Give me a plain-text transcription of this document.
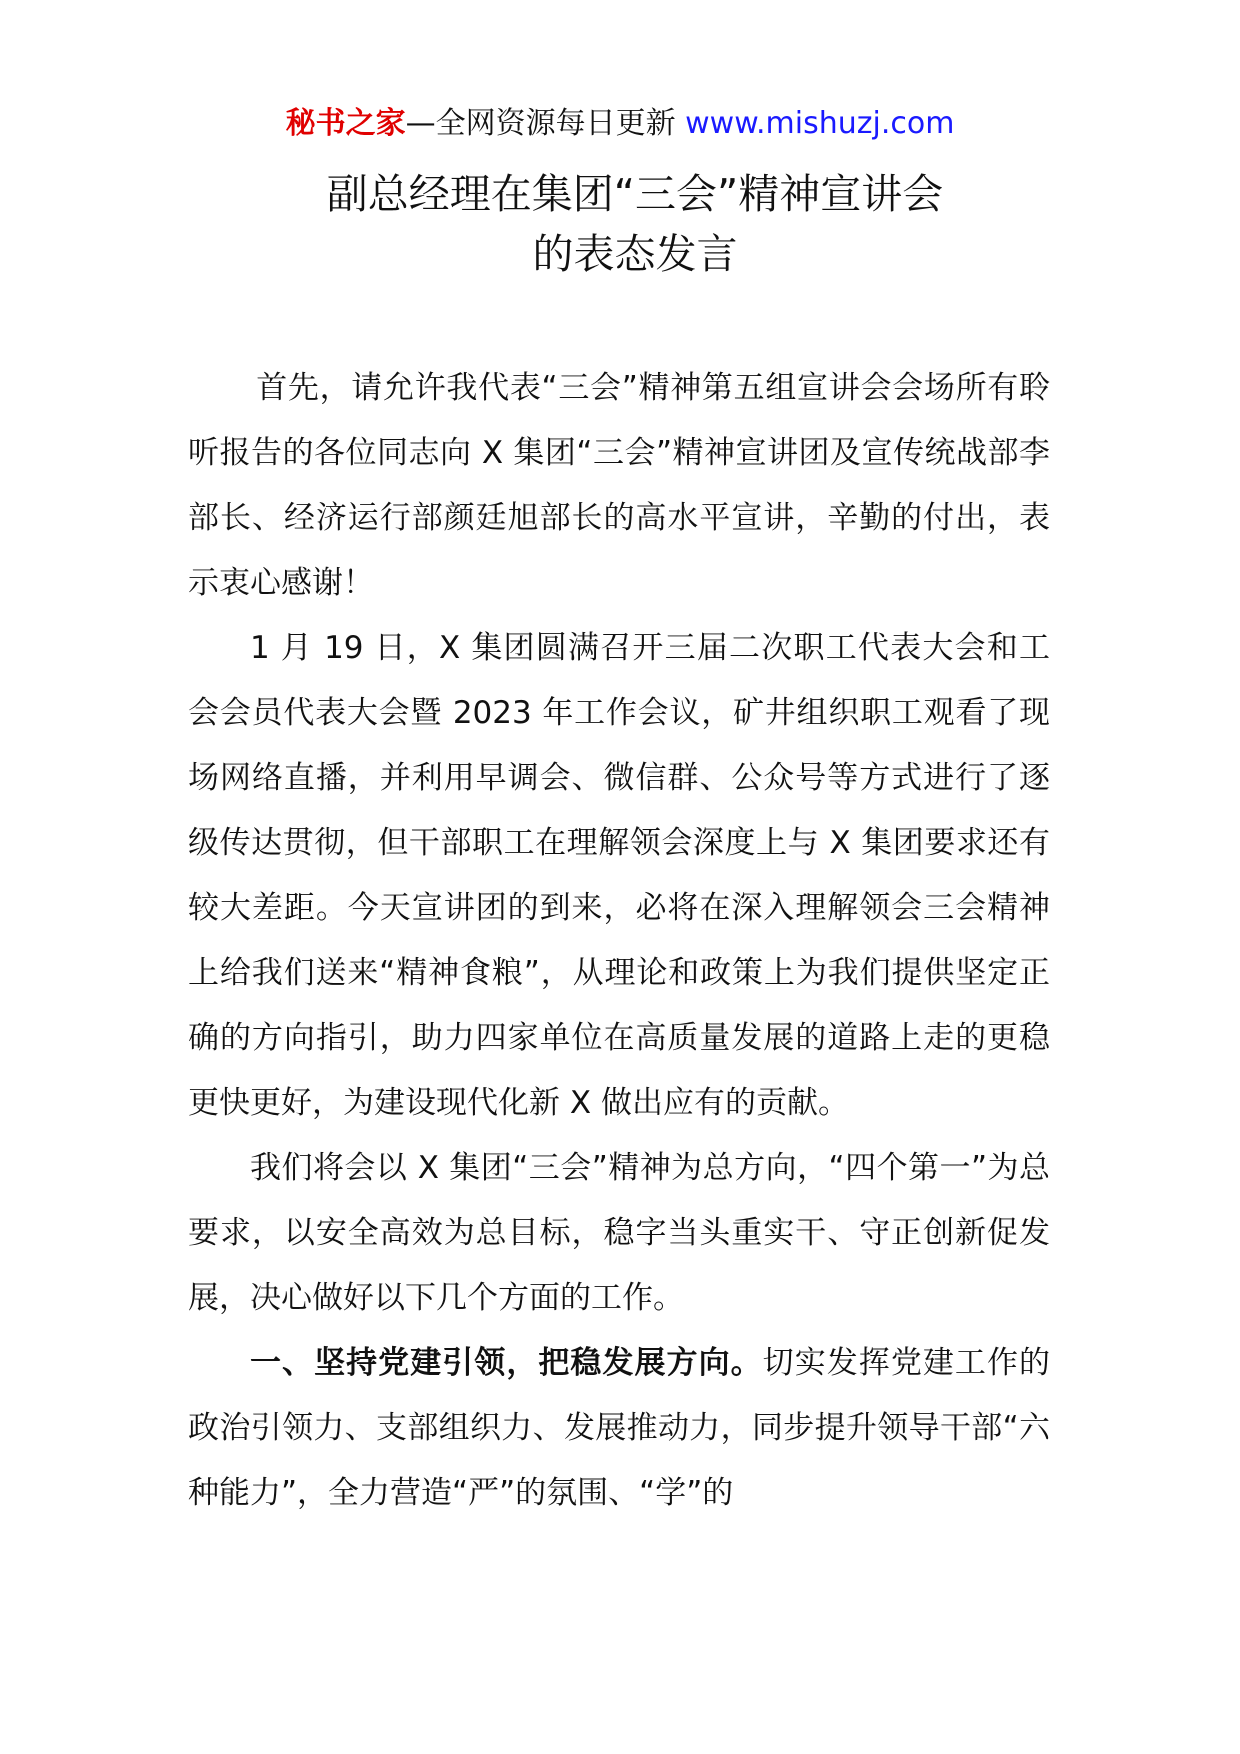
秘书之家—全网资源每日更新 www.mishuzj.com
副总经理在集团“三会”精神宣讲会
的表态发言

首先，请允许我代表“三会”精神第五组宣讲会会场所有聆听报告的各位同志向 X 集团“三会”精神宣讲团及宣传统战部李部长、经济运行部颜廷旭部长的高水平宣讲，辛勤的付出，表示衷心感谢！

1 月 19 日，X 集团圆满召开三届二次职工代表大会和工会会员代表大会暨 2023 年工作会议，矿井组织职工观看了现场网络直播，并利用早调会、微信群、公众号等方式进行了逐级传达贯彻，但干部职工在理解领会深度上与 X 集团要求还有较大差距。今天宣讲团的到来，必将在深入理解领会三会精神上给我们送来“精神食粮”，从理论和政策上为我们提供坚定正确的方向指引，助力四家单位在高质量发展的道路上走的更稳更快更好，为建设现代化新 X 做出应有的贡献。

我们将会以 X 集团“三会”精神为总方向，“四个第一”为总要求，以安全高效为总目标，稳字当头重实干、守正创新促发展，决心做好以下几个方面的工作。

一、坚持党建引领，把稳发展方向。切实发挥党建工作的政治引领力、支部组织力、发展推动力，同步提升领导干部“六种能力”，全力营造“严”的氛围、“学”的
